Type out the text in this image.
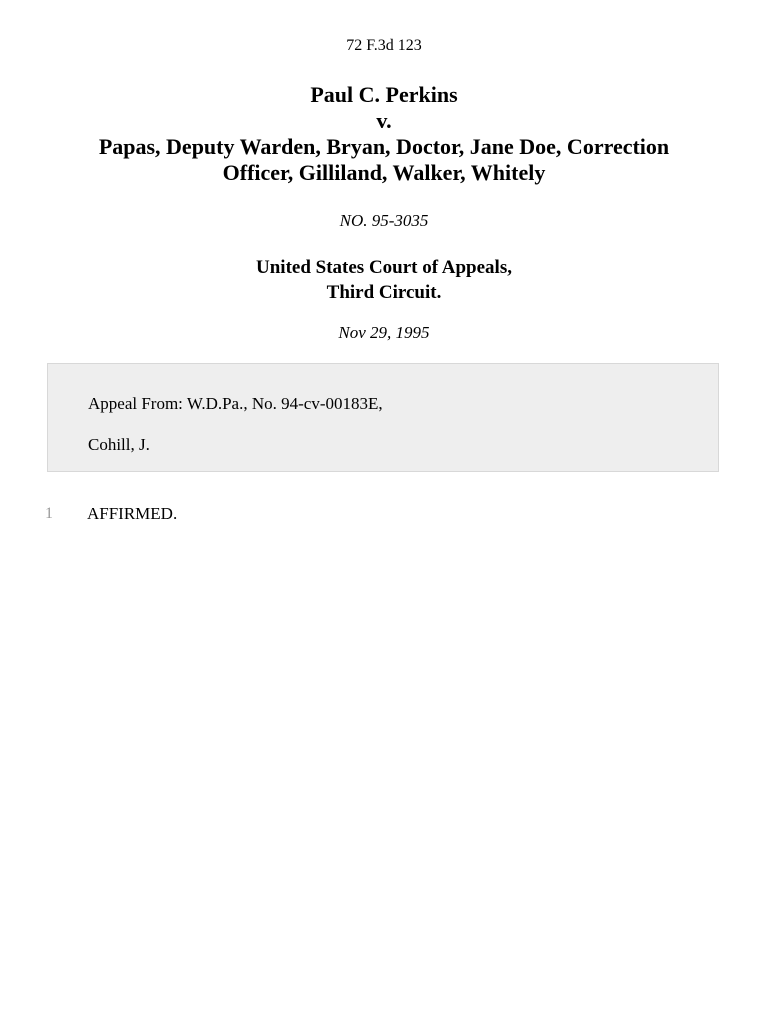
72 F.3d 123
Paul C. Perkins
v.
Papas, Deputy Warden, Bryan, Doctor, Jane Doe, Correction
Officer, Gilliland, Walker, Whitely
NO. 95-3035
United States Court of Appeals,
Third Circuit.
Nov 29, 1995
Appeal From: W.D.Pa., No. 94-cv-00183E,
Cohill, J.
1 AFFIRMED.
